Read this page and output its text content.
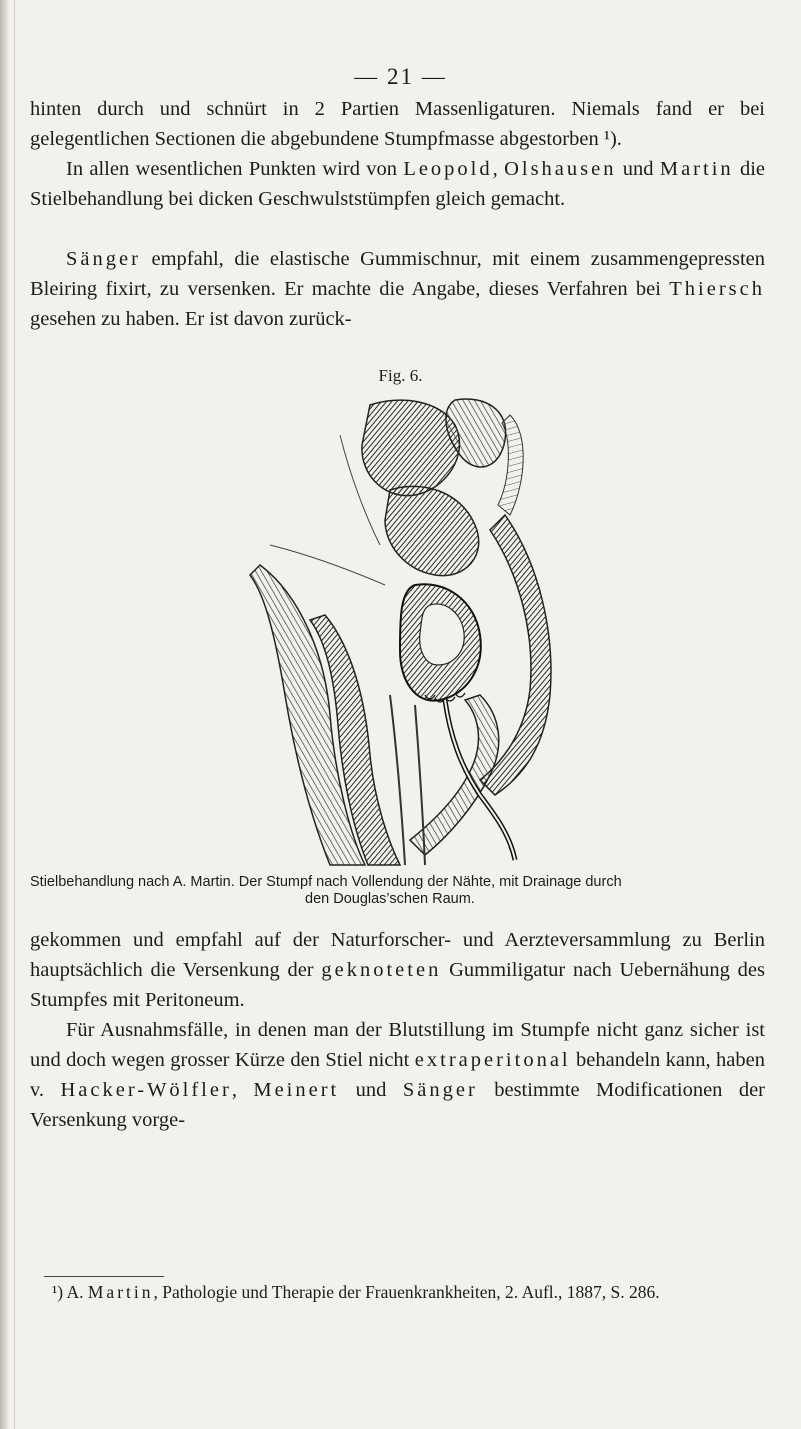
— 21 —

hinten durch und schnürt in 2 Partien Massenligaturen. Niemals fand er bei gelegentlichen Sectionen die abgebundene Stumpfmasse abgestorben ¹).

In allen wesentlichen Punkten wird von Leopold, Olshausen und Martin die Stielbehandlung bei dicken Geschwulststümpfen gleich gemacht.

Sänger empfahl, die elastische Gummischnur, mit einem zusammengepressten Bleiring fixirt, zu versenken. Er machte die Angabe, dieses Verfahren bei Thiersch gesehen zu haben. Er ist davon zurück-

Fig. 6.
Stielbehandlung nach A. Martin. Der Stumpf nach Vollendung der Nähte, mit Drainage durch
den Douglas’schen Raum.

gekommen und empfahl auf der Naturforscher- und Aerzteversammlung zu Berlin hauptsächlich die Versenkung der geknoteten Gummiligatur nach Uebernähung des Stumpfes mit Peritoneum.

Für Ausnahmsfälle, in denen man der Blutstillung im Stumpfe nicht ganz sicher ist und doch wegen grosser Kürze den Stiel nicht extraperitonal behandeln kann, haben v. Hacker-Wölfler, Meinert und Sänger bestimmte Modificationen der Versenkung vorge-

¹) A. Martin, Pathologie und Therapie der Frauenkrankheiten, 2. Aufl., 1887, S. 286.
